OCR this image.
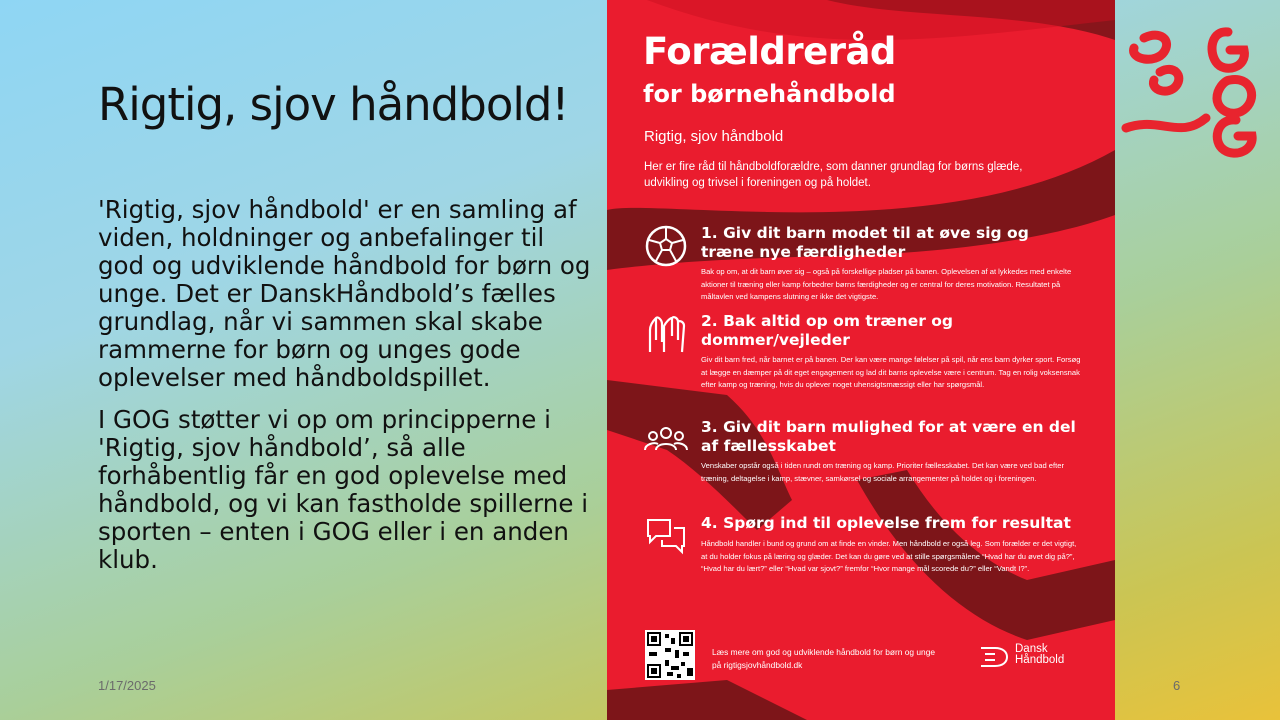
Rigtig, sjov håndbold!

'Rigtig, sjov håndbold' er en samling af viden, holdninger og anbefalinger til god og udviklende håndbold for børn og unge. Det er DanskHåndbold’s fælles grundlag, når vi sammen skal skabe rammerne for børn og unges gode oplevelser med håndboldspillet.

I GOG støtter vi op om principperne i 'Rigtig, sjov håndbold’, så alle forhåbentlig får en god oplevelse med håndbold, og vi kan fastholde spillerne i sporten – enten i GOG eller i en anden klub.

1/17/2025	6
Forældreråd
for børnehåndbold
Rigtig, sjov håndbold
Her er fire råd til håndboldforældre, som danner grundlag for børns glæde, udvikling og trivsel i foreningen og på holdet.
1. Giv dit barn modet til at øve sig og træne nye færdigheder
Bak op om, at dit barn øver sig – også på forskellige pladser på banen. Oplevelsen af at lykkedes med enkelte aktioner til træning eller kamp forbedrer børns færdigheder og er central for deres motivation. Resultatet på måltavlen ved kampens slutning er ikke det vigtigste.
2. Bak altid op om træner og dommer/vejleder
Giv dit barn fred, når barnet er på banen. Der kan være mange følelser på spil, når ens barn dyrker sport. Forsøg at lægge en dæmper på dit eget engagement og lad dit barns oplevelse være i centrum. Tag en rolig voksensnak efter kamp og træning, hvis du oplever noget uhensigtsmæssigt eller har spørgsmål.
3. Giv dit barn mulighed for at være en del af fællesskabet
Venskaber opstår også i tiden rundt om træning og kamp. Prioriter fællesskabet. Det kan være ved bad efter træning, deltagelse i kamp, stævner, samkørsel og sociale arrangementer på holdet og i foreningen.
4. Spørg ind til oplevelse frem for resultat
Håndbold handler i bund og grund om at finde en vinder. Men håndbold er også leg. Som forælder er det vigtigt, at du holder fokus på læring og glæder. Det kan du gøre ved at stille spørgsmålene “Hvad har du øvet dig på?”, “Hvad har du lært?” eller “Hvad var sjovt?” fremfor “Hvor mange mål scorede du?” eller “Vandt I?”.
Læs mere om god og udviklende håndbold for børn og unge på rigtigsjovhåndbold.dk
Dansk
Håndbold
